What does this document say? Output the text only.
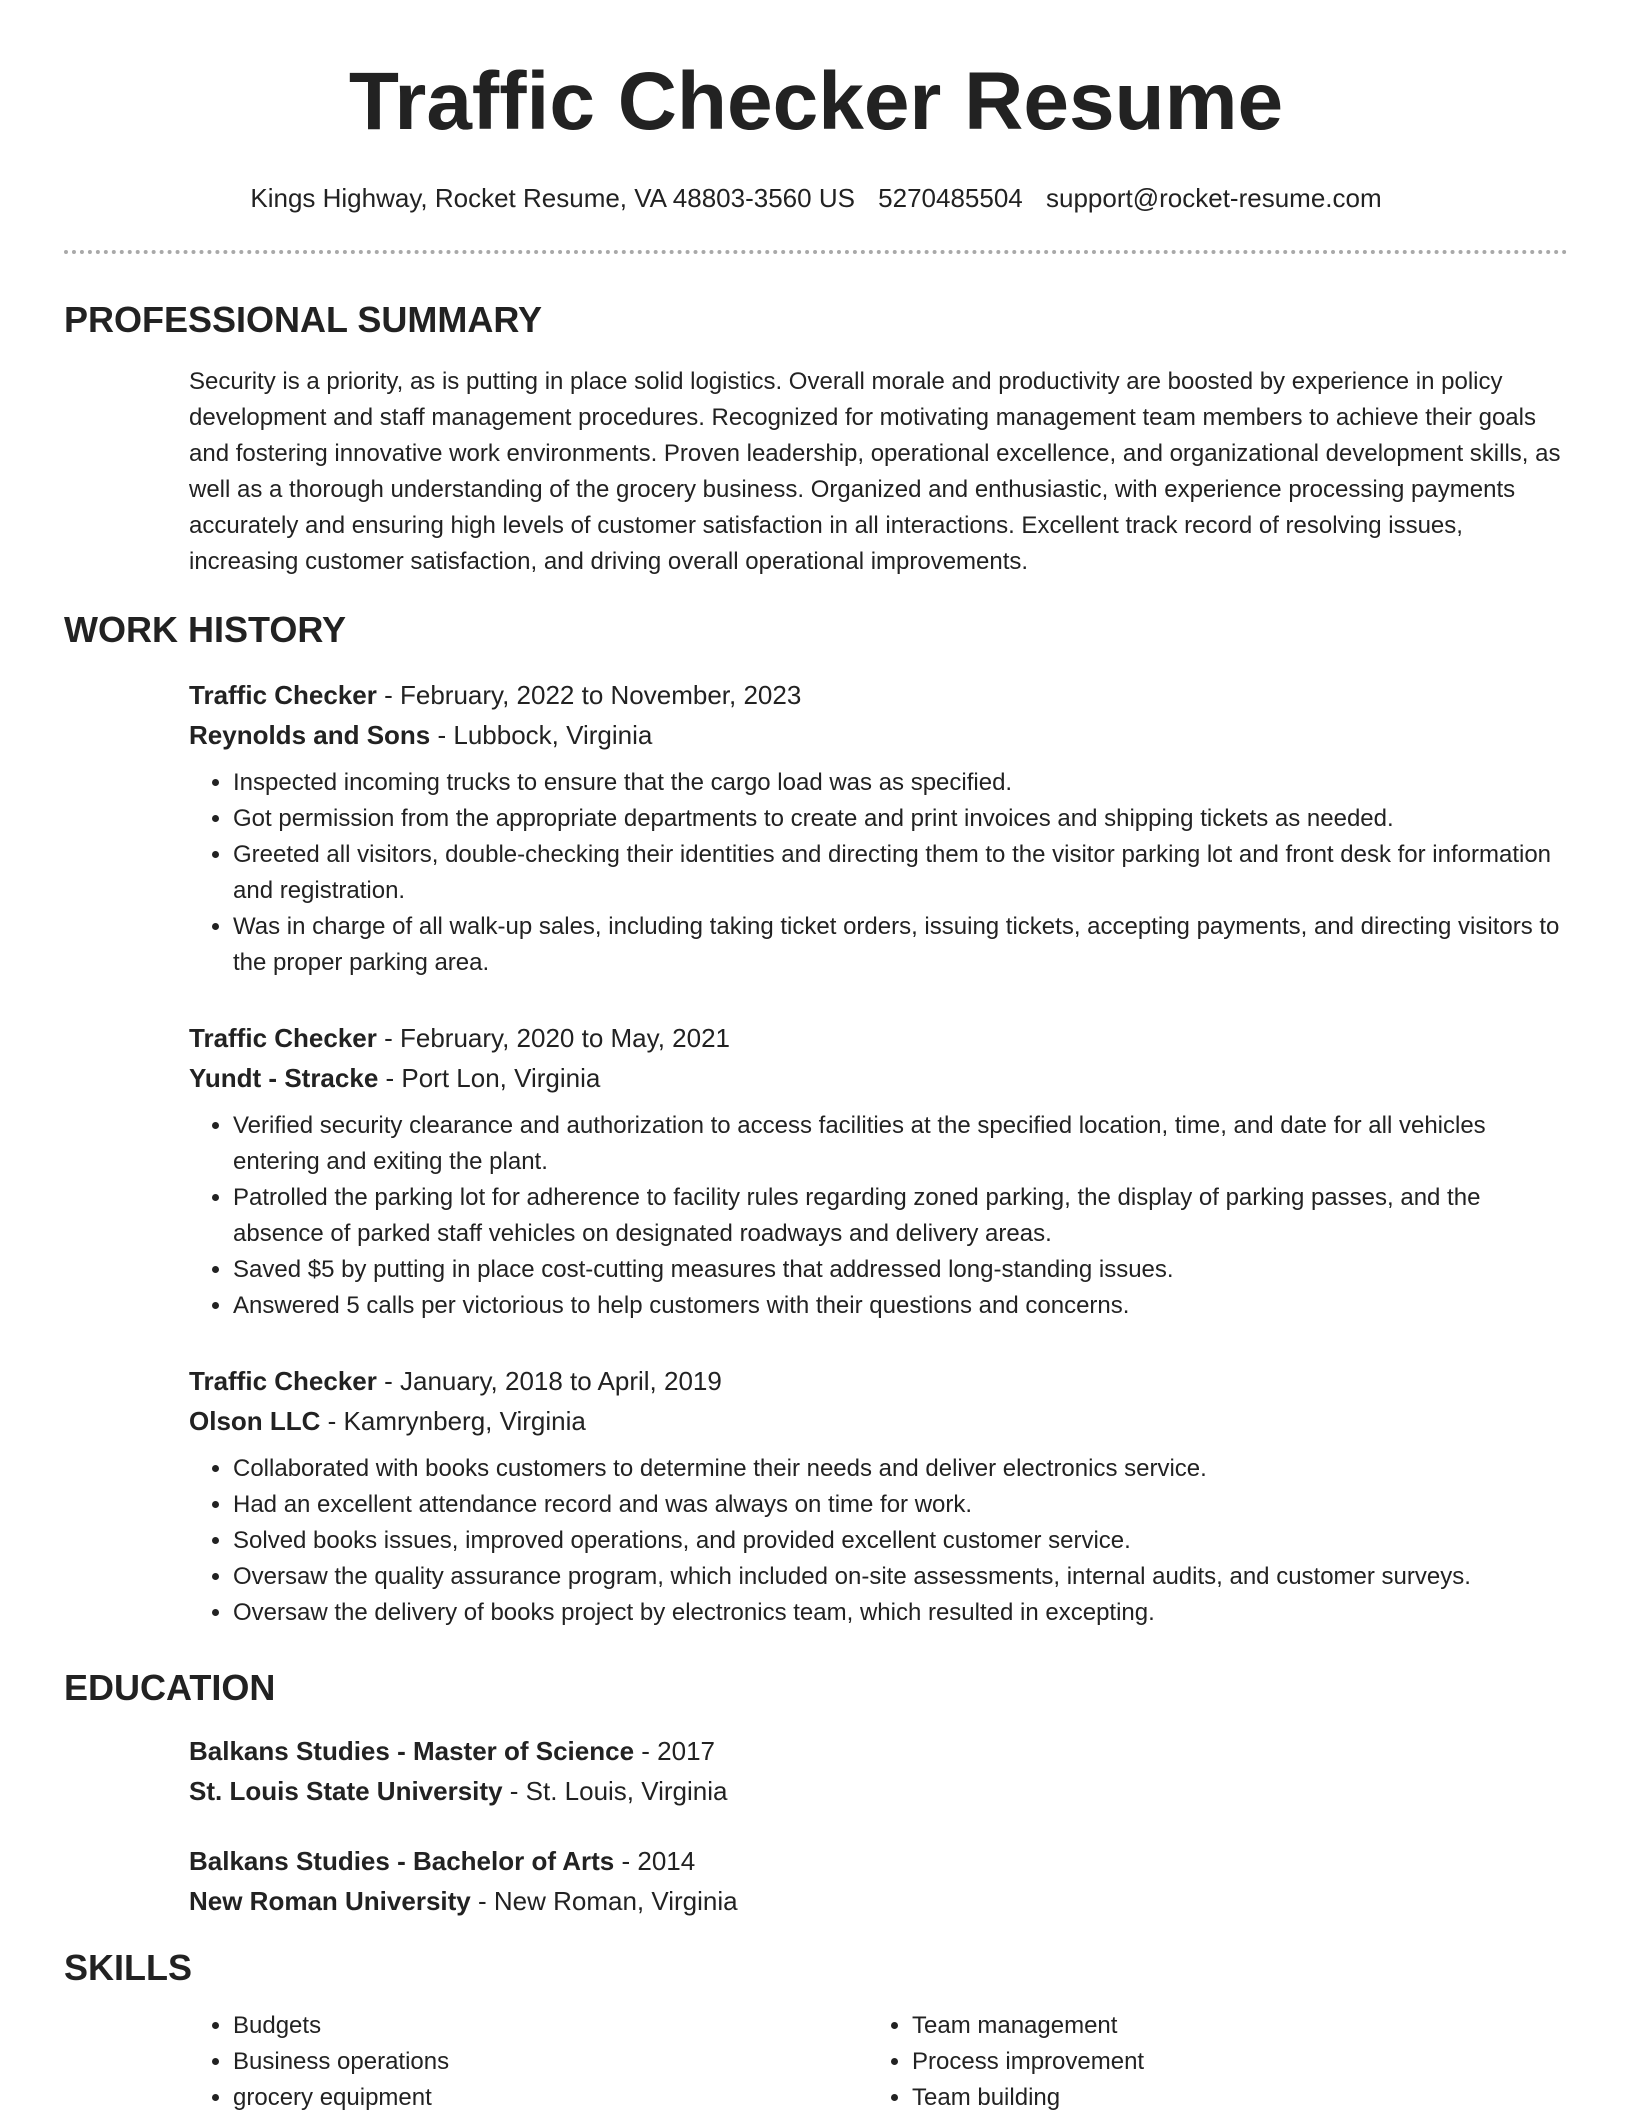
Traffic Checker Resume
Kings Highway, Rocket Resume, VA 48803-3560 US 5270485504 support@rocket-resume.com
PROFESSIONAL SUMMARY

Security is a priority, as is putting in place solid logistics. Overall morale and productivity are boosted by experience in policy development and staff management procedures. Recognized for motivating management team members to achieve their goals and fostering innovative work environments. Proven leadership, operational excellence, and organizational development skills, as well as a thorough understanding of the grocery business. Organized and enthusiastic, with experience processing payments accurately and ensuring high levels of customer satisfaction in all interactions. Excellent track record of resolving issues, increasing customer satisfaction, and driving overall operational improvements.

WORK HISTORY
Traffic Checker - February, 2022 to November, 2023
Reynolds and Sons - Lubbock, Virginia
• Inspected incoming trucks to ensure that the cargo load was as specified.
• Got permission from the appropriate departments to create and print invoices and shipping tickets as needed.
• Greeted all visitors, double-checking their identities and directing them to the visitor parking lot and front desk for information and registration.
• Was in charge of all walk-up sales, including taking ticket orders, issuing tickets, accepting payments, and directing visitors to the proper parking area.
Traffic Checker - February, 2020 to May, 2021
Yundt - Stracke - Port Lon, Virginia
• Verified security clearance and authorization to access facilities at the specified location, time, and date for all vehicles entering and exiting the plant.
• Patrolled the parking lot for adherence to facility rules regarding zoned parking, the display of parking passes, and the absence of parked staff vehicles on designated roadways and delivery areas.
• Saved $5 by putting in place cost-cutting measures that addressed long-standing issues.
• Answered 5 calls per victorious to help customers with their questions and concerns.
Traffic Checker - January, 2018 to April, 2019
Olson LLC - Kamrynberg, Virginia
• Collaborated with books customers to determine their needs and deliver electronics service.
• Had an excellent attendance record and was always on time for work.
• Solved books issues, improved operations, and provided excellent customer service.
• Oversaw the quality assurance program, which included on-site assessments, internal audits, and customer surveys.
• Oversaw the delivery of books project by electronics team, which resulted in excepting.
EDUCATION
Balkans Studies - Master of Science - 2017
St. Louis State University - St. Louis, Virginia
Balkans Studies - Bachelor of Arts - 2014
New Roman University - New Roman, Virginia
SKILLS
• Budgets
• Business operations
• grocery equipment
• Team management
• Process improvement
• Team building
